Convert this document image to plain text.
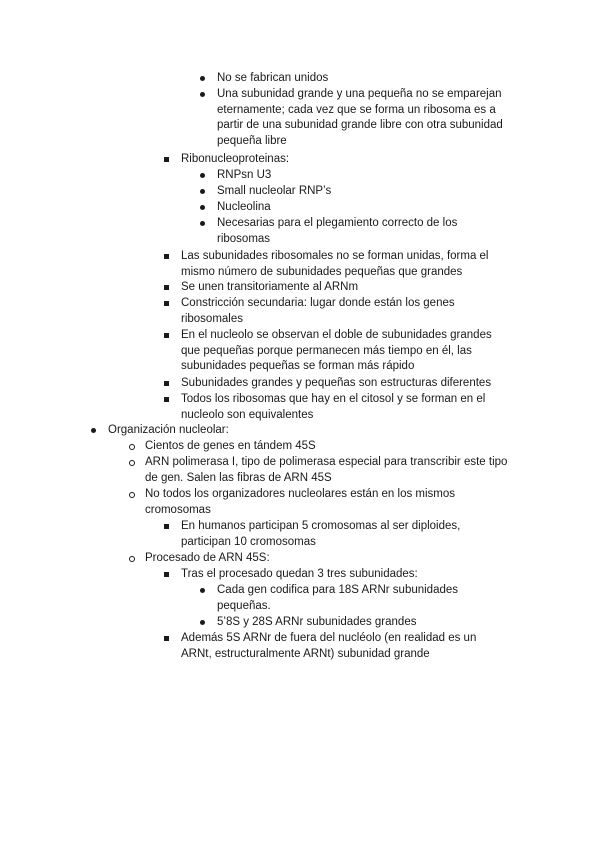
No se fabrican unidos
Una subunidad grande y una pequeña no se emparejan
eternamente; cada vez que se forma un ribosoma es a
partir de una subunidad grande libre con otra subunidad
pequeña libre
Ribonucleoproteinas:
RNPsn U3
Small nucleolar RNP’s
Nucleolina
Necesarias para el plegamiento correcto de los
ribosomas
Las subunidades ribosomales no se forman unidas, forma el
mismo número de subunidades pequeñas que grandes
Se unen transitoriamente al ARNm
Constricción secundaria: lugar donde están los genes
ribosomales
En el nucleolo se observan el doble de subunidades grandes
que pequeñas porque permanecen más tiempo en él, las
subunidades pequeñas se forman más rápido
Subunidades grandes y pequeñas son estructuras diferentes
Todos los ribosomas que hay en el citosol y se forman en el
nucleolo son equivalentes
Organización nucleolar:
Cientos de genes en tándem 45S
ARN polimerasa I, tipo de polimerasa especial para transcribir este tipo
de gen. Salen las fibras de ARN 45S
No todos los organizadores nucleolares están en los mismos
cromosomas
En humanos participan 5 cromosomas al ser diploides,
participan 10 cromosomas
Procesado de ARN 45S:
Tras el procesado quedan 3 tres subunidades:
Cada gen codifica para 18S ARNr subunidades
pequeñas.
5’8S y 28S ARNr subunidades grandes
Además 5S ARNr de fuera del nucléolo (en realidad es un
ARNt, estructuralmente ARNt) subunidad grande
